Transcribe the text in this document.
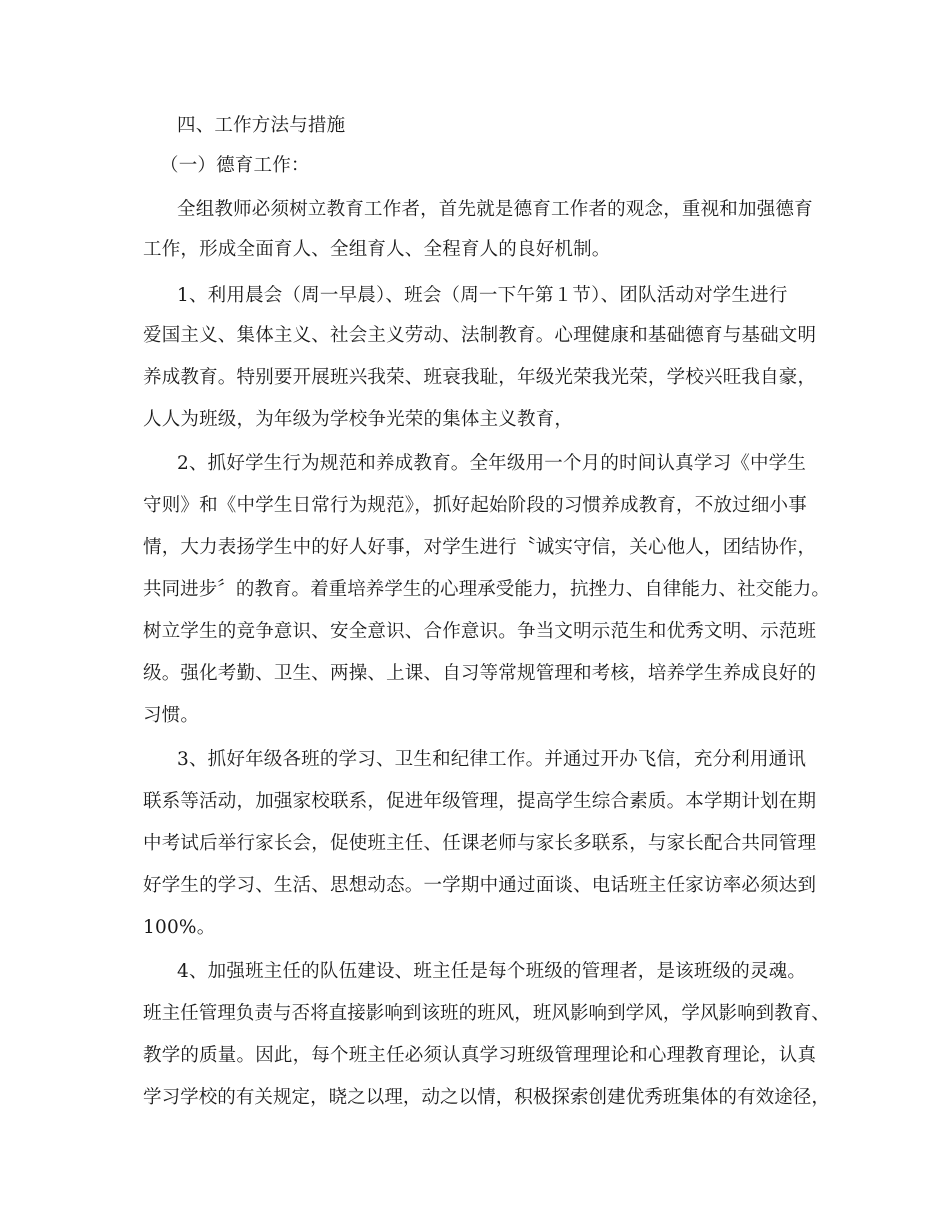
四、工作方法与措施
（一）德育工作：
全组教师必须树立教育工作者，首先就是德育工作者的观念，重视和加强德育
工作，形成全面育人、全组育人、全程育人的良好机制。
1、利用晨会（周一早晨）、班会（周一下午第１节）、团队活动对学生进行
爱国主义、集体主义、社会主义劳动、法制教育。心理健康和基础德育与基础文明
养成教育。特别要开展班兴我荣、班衰我耻，年级光荣我光荣，学校兴旺我自豪，
人人为班级，为年级为学校争光荣的集体主义教育，
2、抓好学生行为规范和养成教育。全年级用一个月的时间认真学习《中学生
守则》和《中学生日常行为规范》，抓好起始阶段的习惯养成教育，不放过细小事
情，大力表扬学生中的好人好事，对学生进行〝诚实守信，关心他人，团结协作，
共同进步〞的教育。着重培养学生的心理承受能力，抗挫力、自律能力、社交能力。
树立学生的竞争意识、安全意识、合作意识。争当文明示范生和优秀文明、示范班
级。强化考勤、卫生、两操、上课、自习等常规管理和考核，培养学生养成良好的
习惯。
3、抓好年级各班的学习、卫生和纪律工作。并通过开办飞信，充分利用通讯
联系等活动，加强家校联系，促进年级管理，提高学生综合素质。本学期计划在期
中考试后举行家长会，促使班主任、任课老师与家长多联系，与家长配合共同管理
好学生的学习、生活、思想动态。一学期中通过面谈、电话班主任家访率必须达到
100%。
4、加强班主任的队伍建设、班主任是每个班级的管理者，是该班级的灵魂。
班主任管理负责与否将直接影响到该班的班风，班风影响到学风，学风影响到教育、
教学的质量。因此，每个班主任必须认真学习班级管理理论和心理教育理论，认真
学习学校的有关规定，晓之以理，动之以情，积极探索创建优秀班集体的有效途径，
